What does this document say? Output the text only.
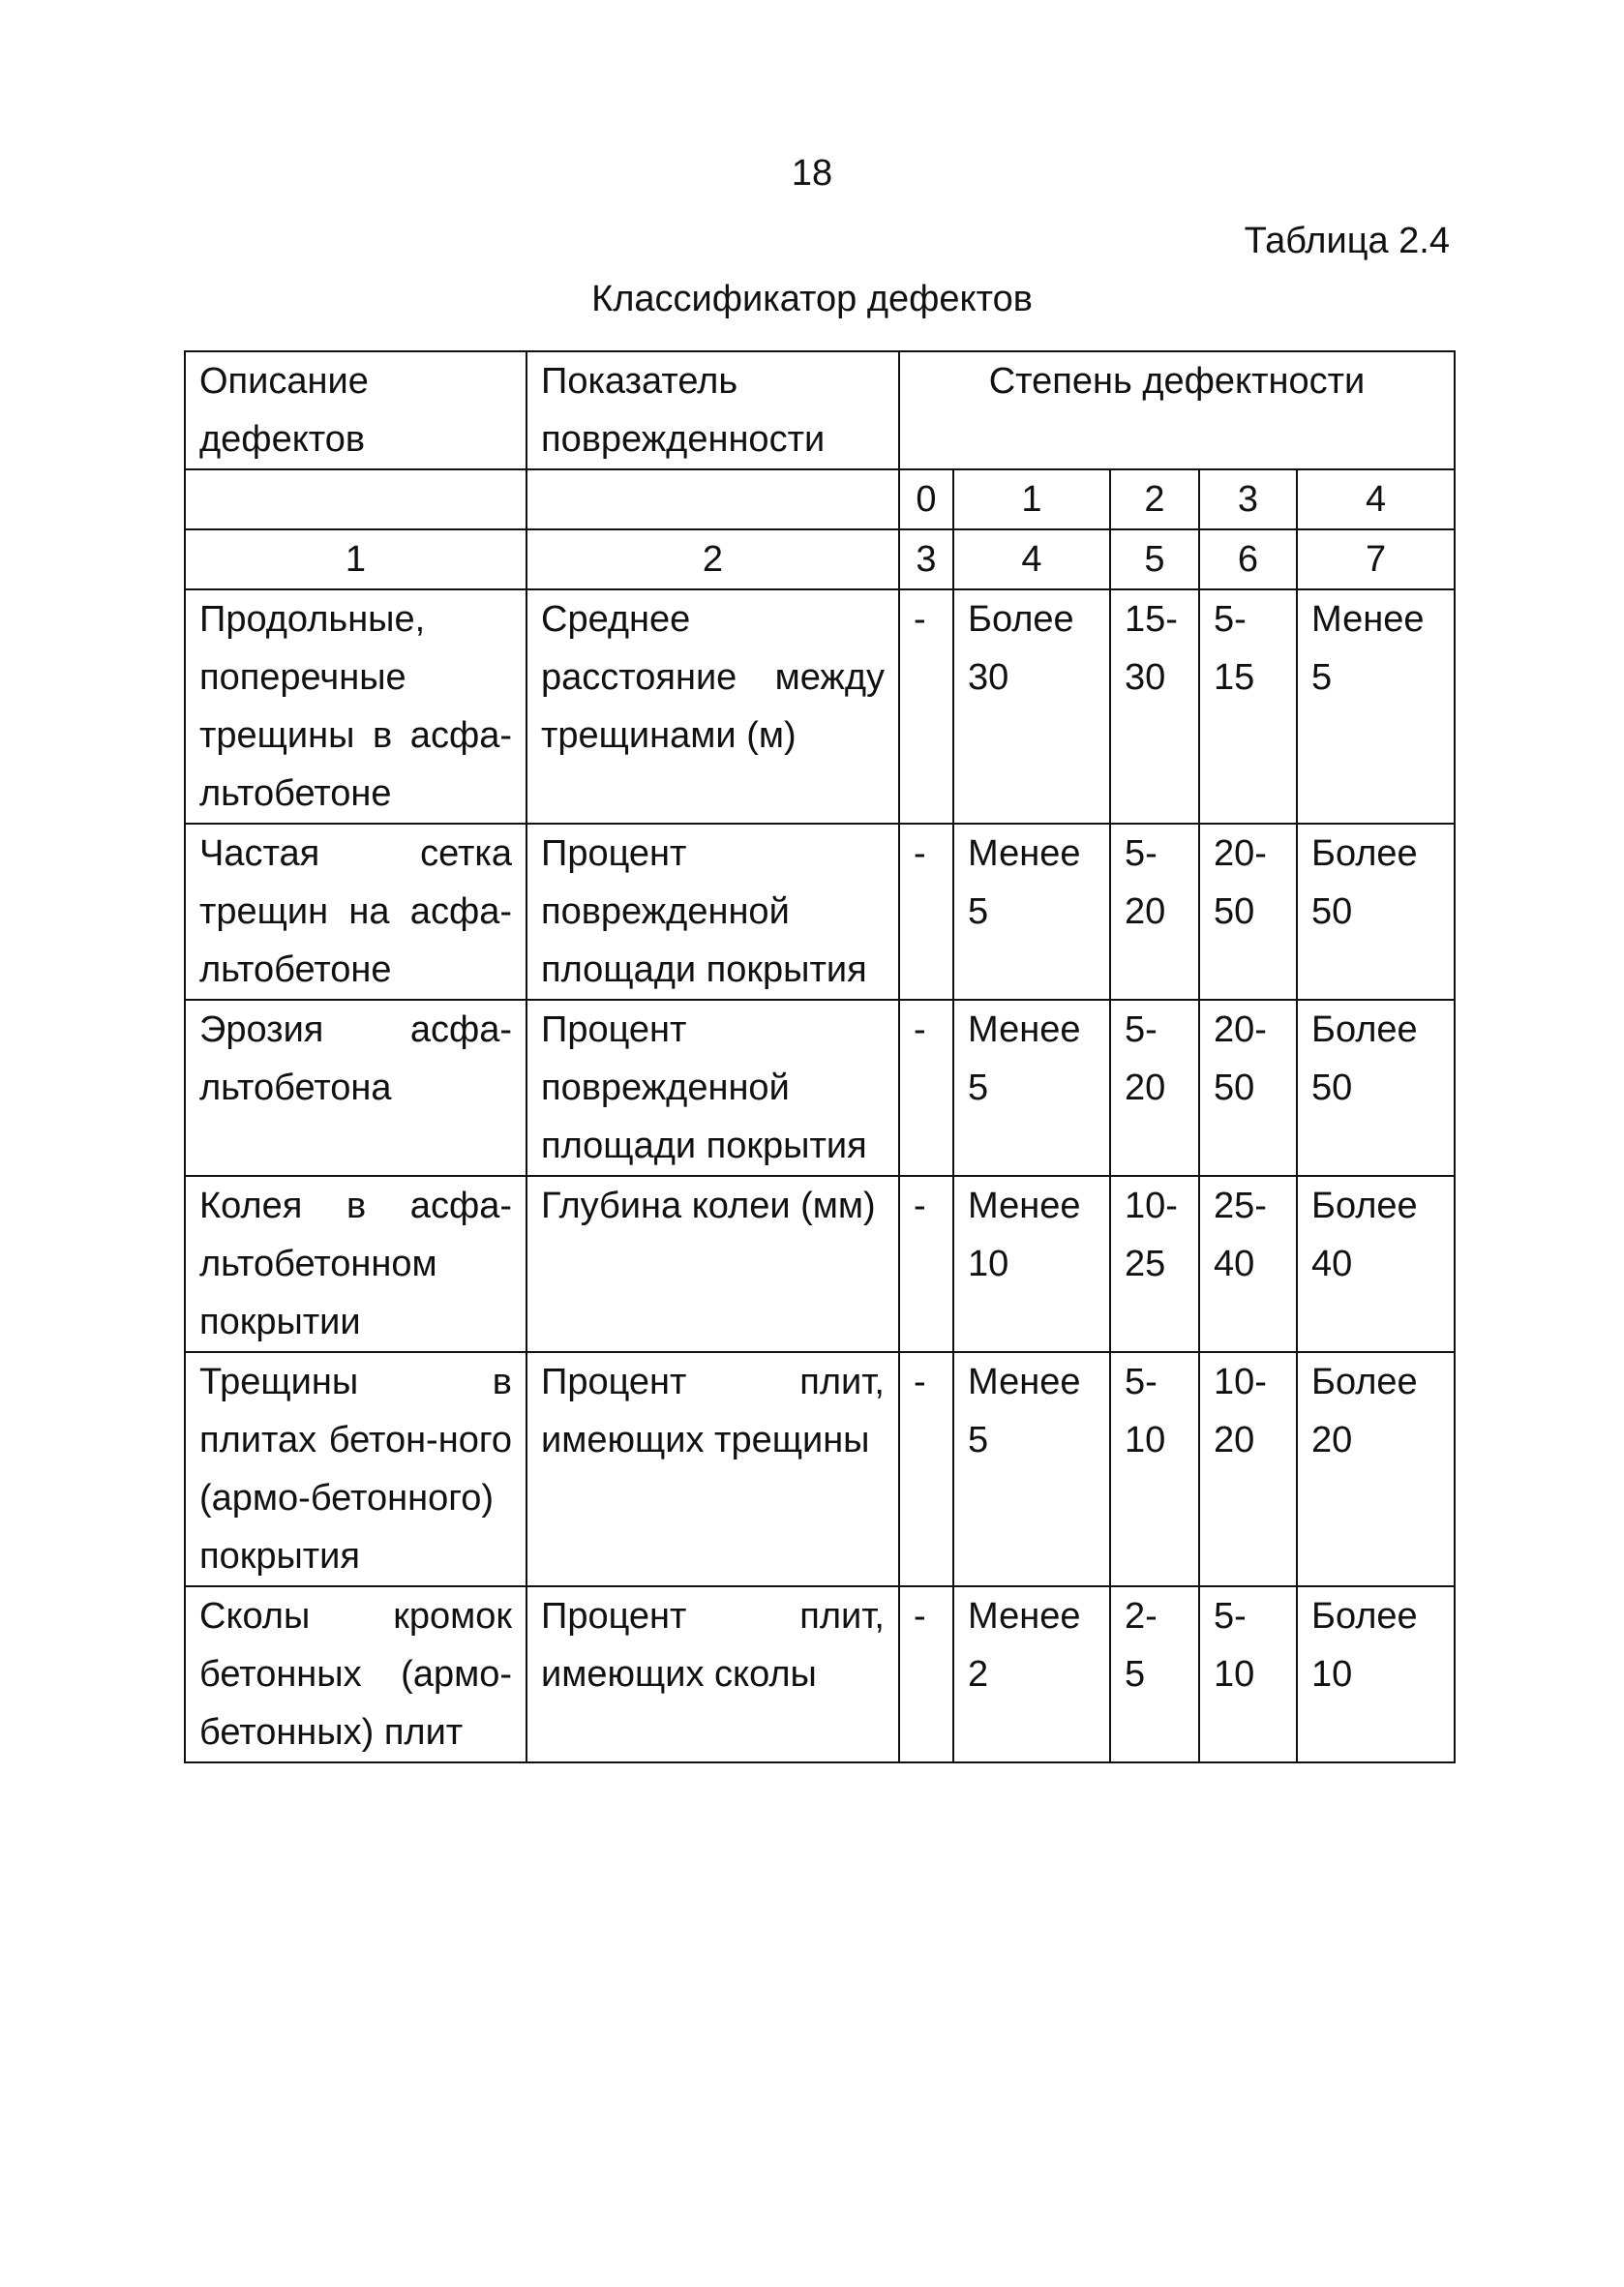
18
Таблица 2.4
Классификатор дефектов
Описание дефектов	Показатель поврежденности	Степень дефектности				
		0	1	2	3	4
1	2	3	4	5	6	7
Продольные, поперечные трещины в асфа-льтобетоне	Среднее расстояние между трещинами (м)	-	Более 30	15- 30	5- 15	Менее 5
Частая сетка трещин на асфа-льтобетоне	Процент поврежденной площади покрытия	-	Менее 5	5- 20	20- 50	Более 50
Эрозия асфа-льтобетона	Процент поврежденной площади покрытия	-	Менее 5	5- 20	20- 50	Более 50
Колея в асфа-льтобетонном покрытии	Глубина колеи (мм)	-	Менее 10	10- 25	25- 40	Более 40
Трещины в плитах бетон-ного (армо-бетонного) покрытия	Процент плит, имеющих трещины	-	Менее 5	5- 10	10- 20	Более 20
Сколы кромок бетонных (армо-бетонных) плит	Процент плит, имеющих сколы	-	Менее 2	2- 5	5- 10	Более 10
